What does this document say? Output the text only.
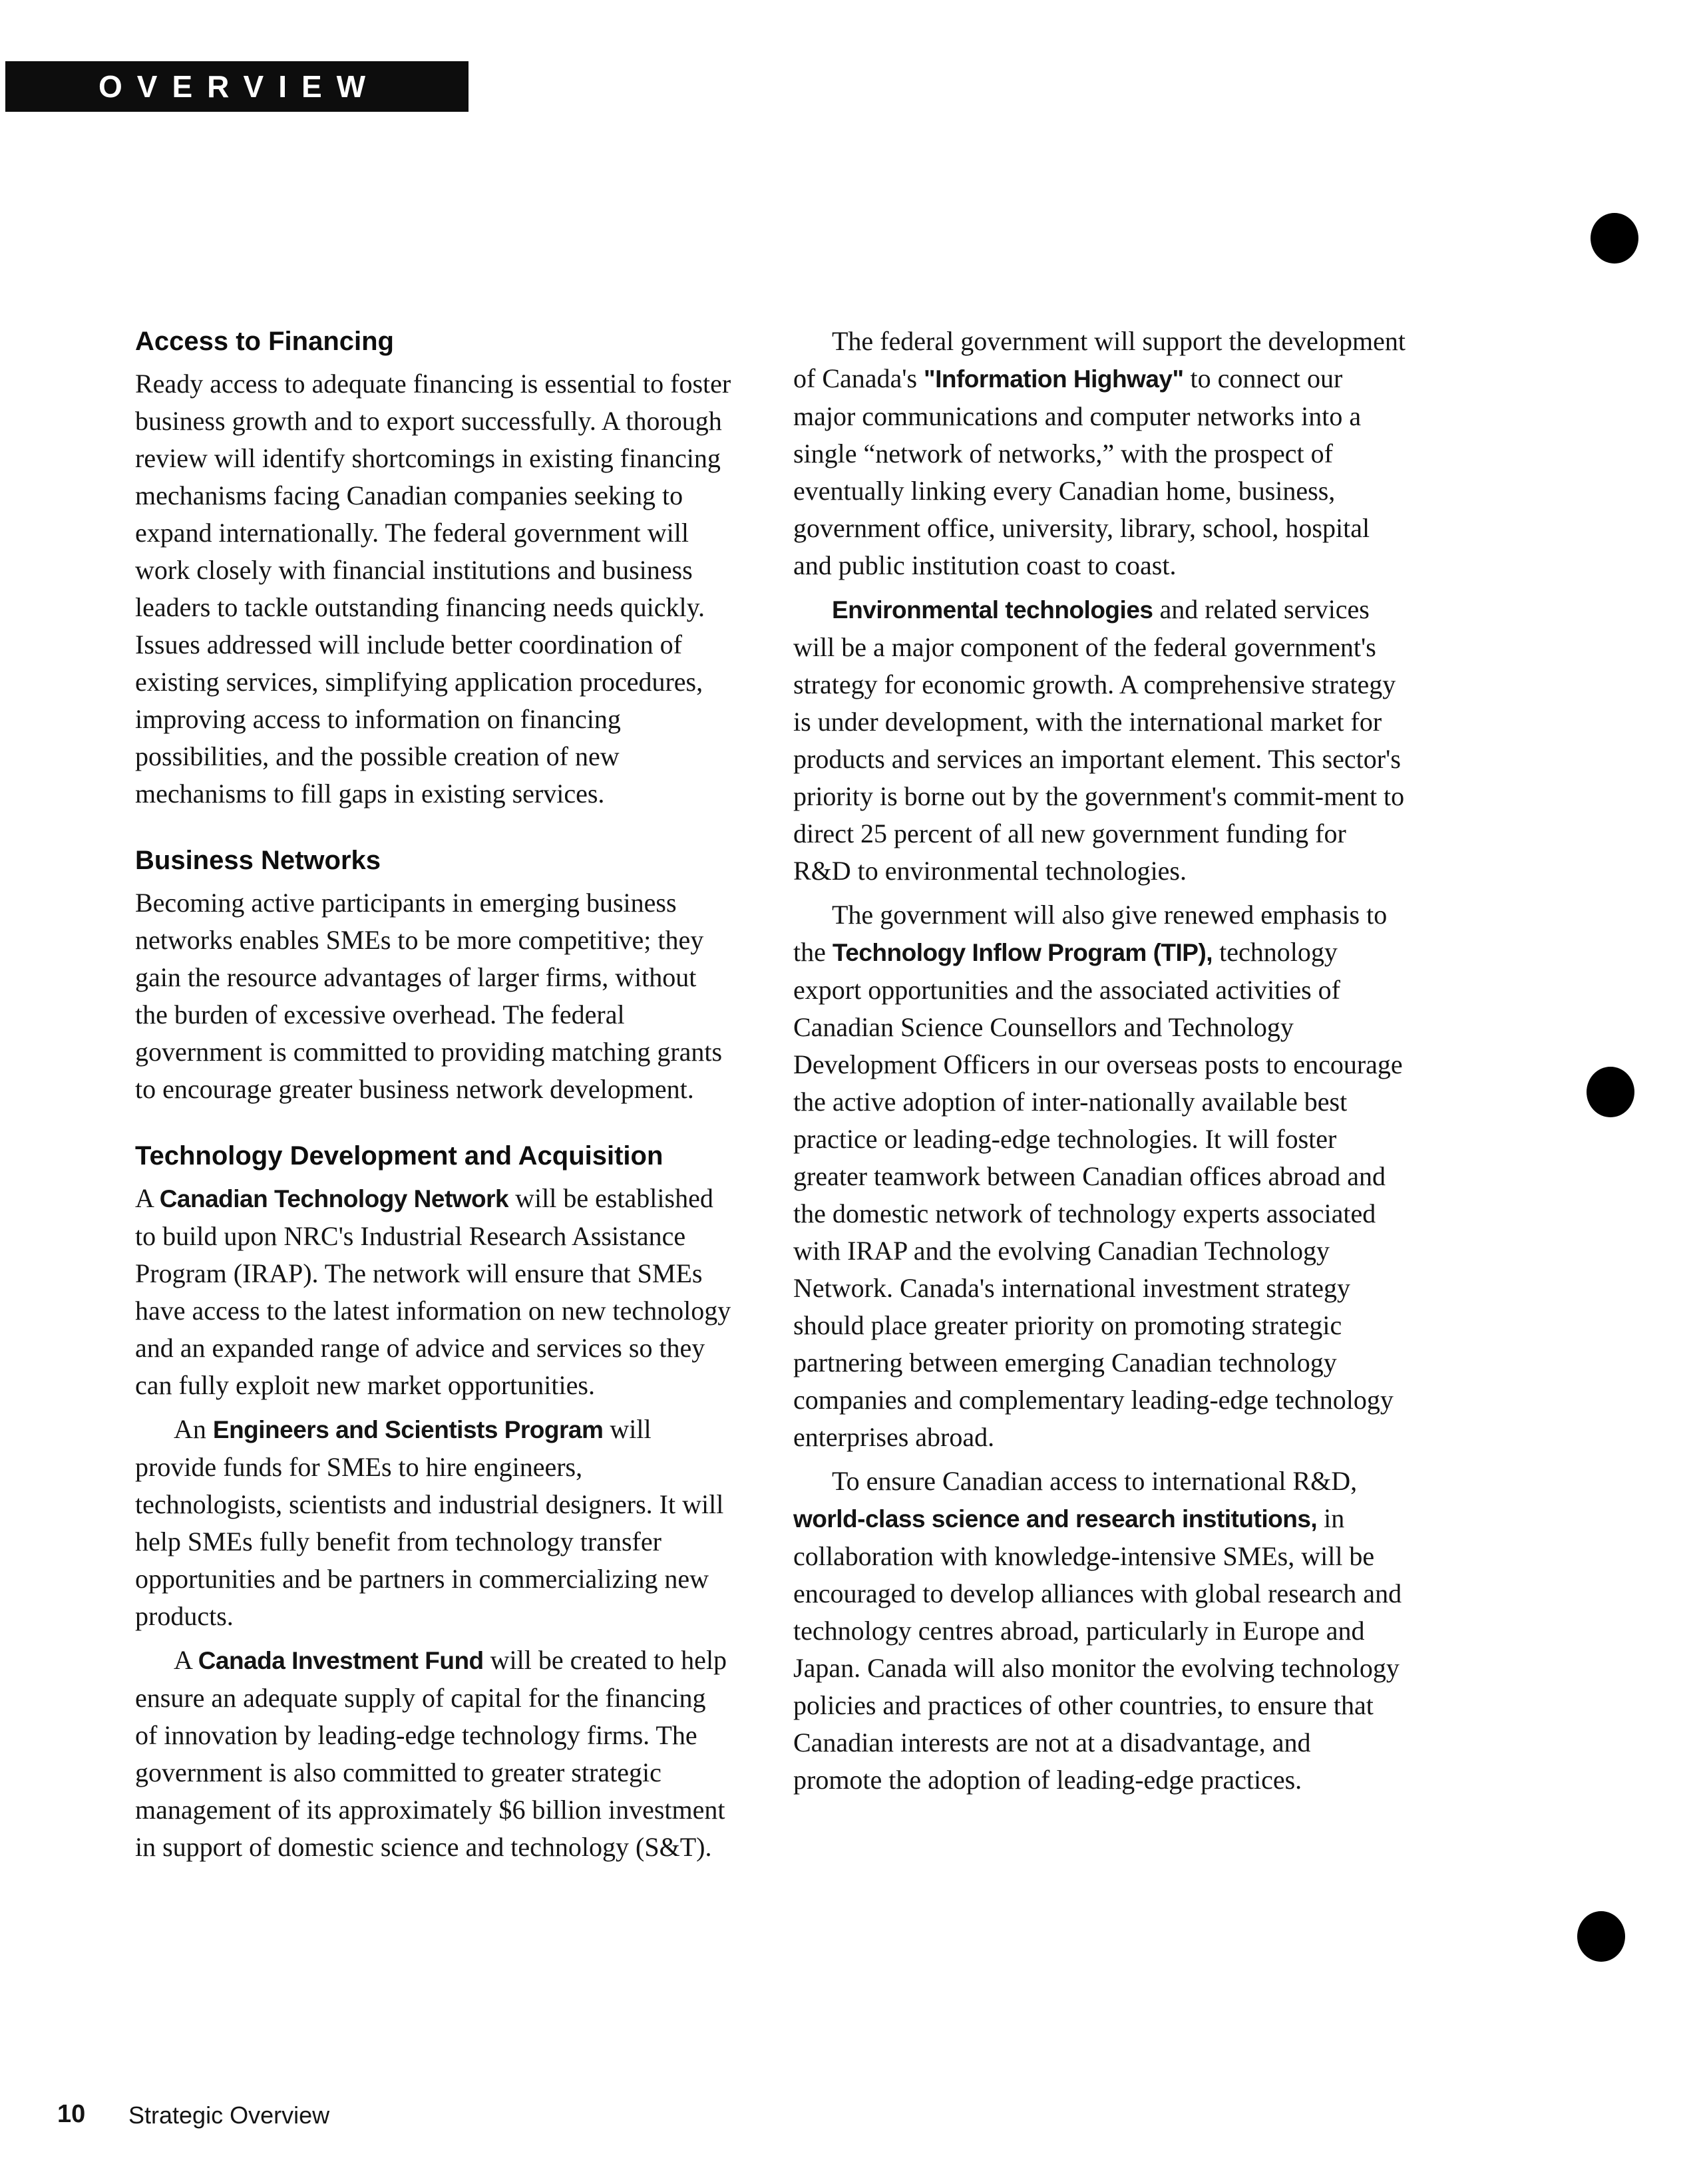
OVERVIEW
Access to Financing

Ready access to adequate financing is essential to foster business growth and to export successfully. A thorough review will identify shortcomings in existing financing mechanisms facing Canadian companies seeking to expand internationally. The federal government will work closely with financial institutions and business leaders to tackle outstanding financing needs quickly. Issues addressed will include better coordination of existing services, simplifying application procedures, improving access to information on financing possibilities, and the possible creation of new mechanisms to fill gaps in existing services.

Business Networks

Becoming active participants in emerging business networks enables SMEs to be more competitive; they gain the resource advantages of larger firms, without the burden of excessive overhead. The federal government is committed to providing matching grants to encourage greater business network development.

Technology Development and Acquisition

A Canadian Technology Network will be established to build upon NRC's Industrial Research Assistance Program (IRAP). The network will ensure that SMEs have access to the latest information on new technology and an expanded range of advice and services so they can fully exploit new market opportunities.

An Engineers and Scientists Program will provide funds for SMEs to hire engineers, technologists, scientists and industrial designers. It will help SMEs fully benefit from technology transfer opportunities and be partners in commercializing new products.

A Canada Investment Fund will be created to help ensure an adequate supply of capital for the financing of innovation by leading-edge technology firms. The government is also committed to greater strategic management of its approximately $6 billion investment in support of domestic science and technology (S&T).

The federal government will support the development of Canada's "Information Highway" to connect our major communications and computer networks into a single “network of networks,” with the prospect of eventually linking every Canadian home, business, government office, university, library, school, hospital and public institution coast to coast.

Environmental technologies and related services will be a major component of the federal government's strategy for economic growth. A comprehensive strategy is under development, with the international market for products and services an important element. This sector's priority is borne out by the government's commit-ment to direct 25 percent of all new government funding for R&D to environmental technologies.

The government will also give renewed emphasis to the Technology Inflow Program (TIP), technology export opportunities and the associated activities of Canadian Science Counsellors and Technology Development Officers in our overseas posts to encourage the active adoption of inter-nationally available best practice or leading-edge technologies. It will foster greater teamwork between Canadian offices abroad and the domestic network of technology experts associated with IRAP and the evolving Canadian Technology Network. Canada's international investment strategy should place greater priority on promoting strategic partnering between emerging Canadian technology companies and complementary leading-edge technology enterprises abroad.

To ensure Canadian access to international R&D, world-class science and research institutions, in collaboration with knowledge-intensive SMEs, will be encouraged to develop alliances with global research and technology centres abroad, particularly in Europe and Japan. Canada will also monitor the evolving technology policies and practices of other countries, to ensure that Canadian interests are not at a disadvantage, and promote the adoption of leading-edge practices.

10 Strategic Overview
